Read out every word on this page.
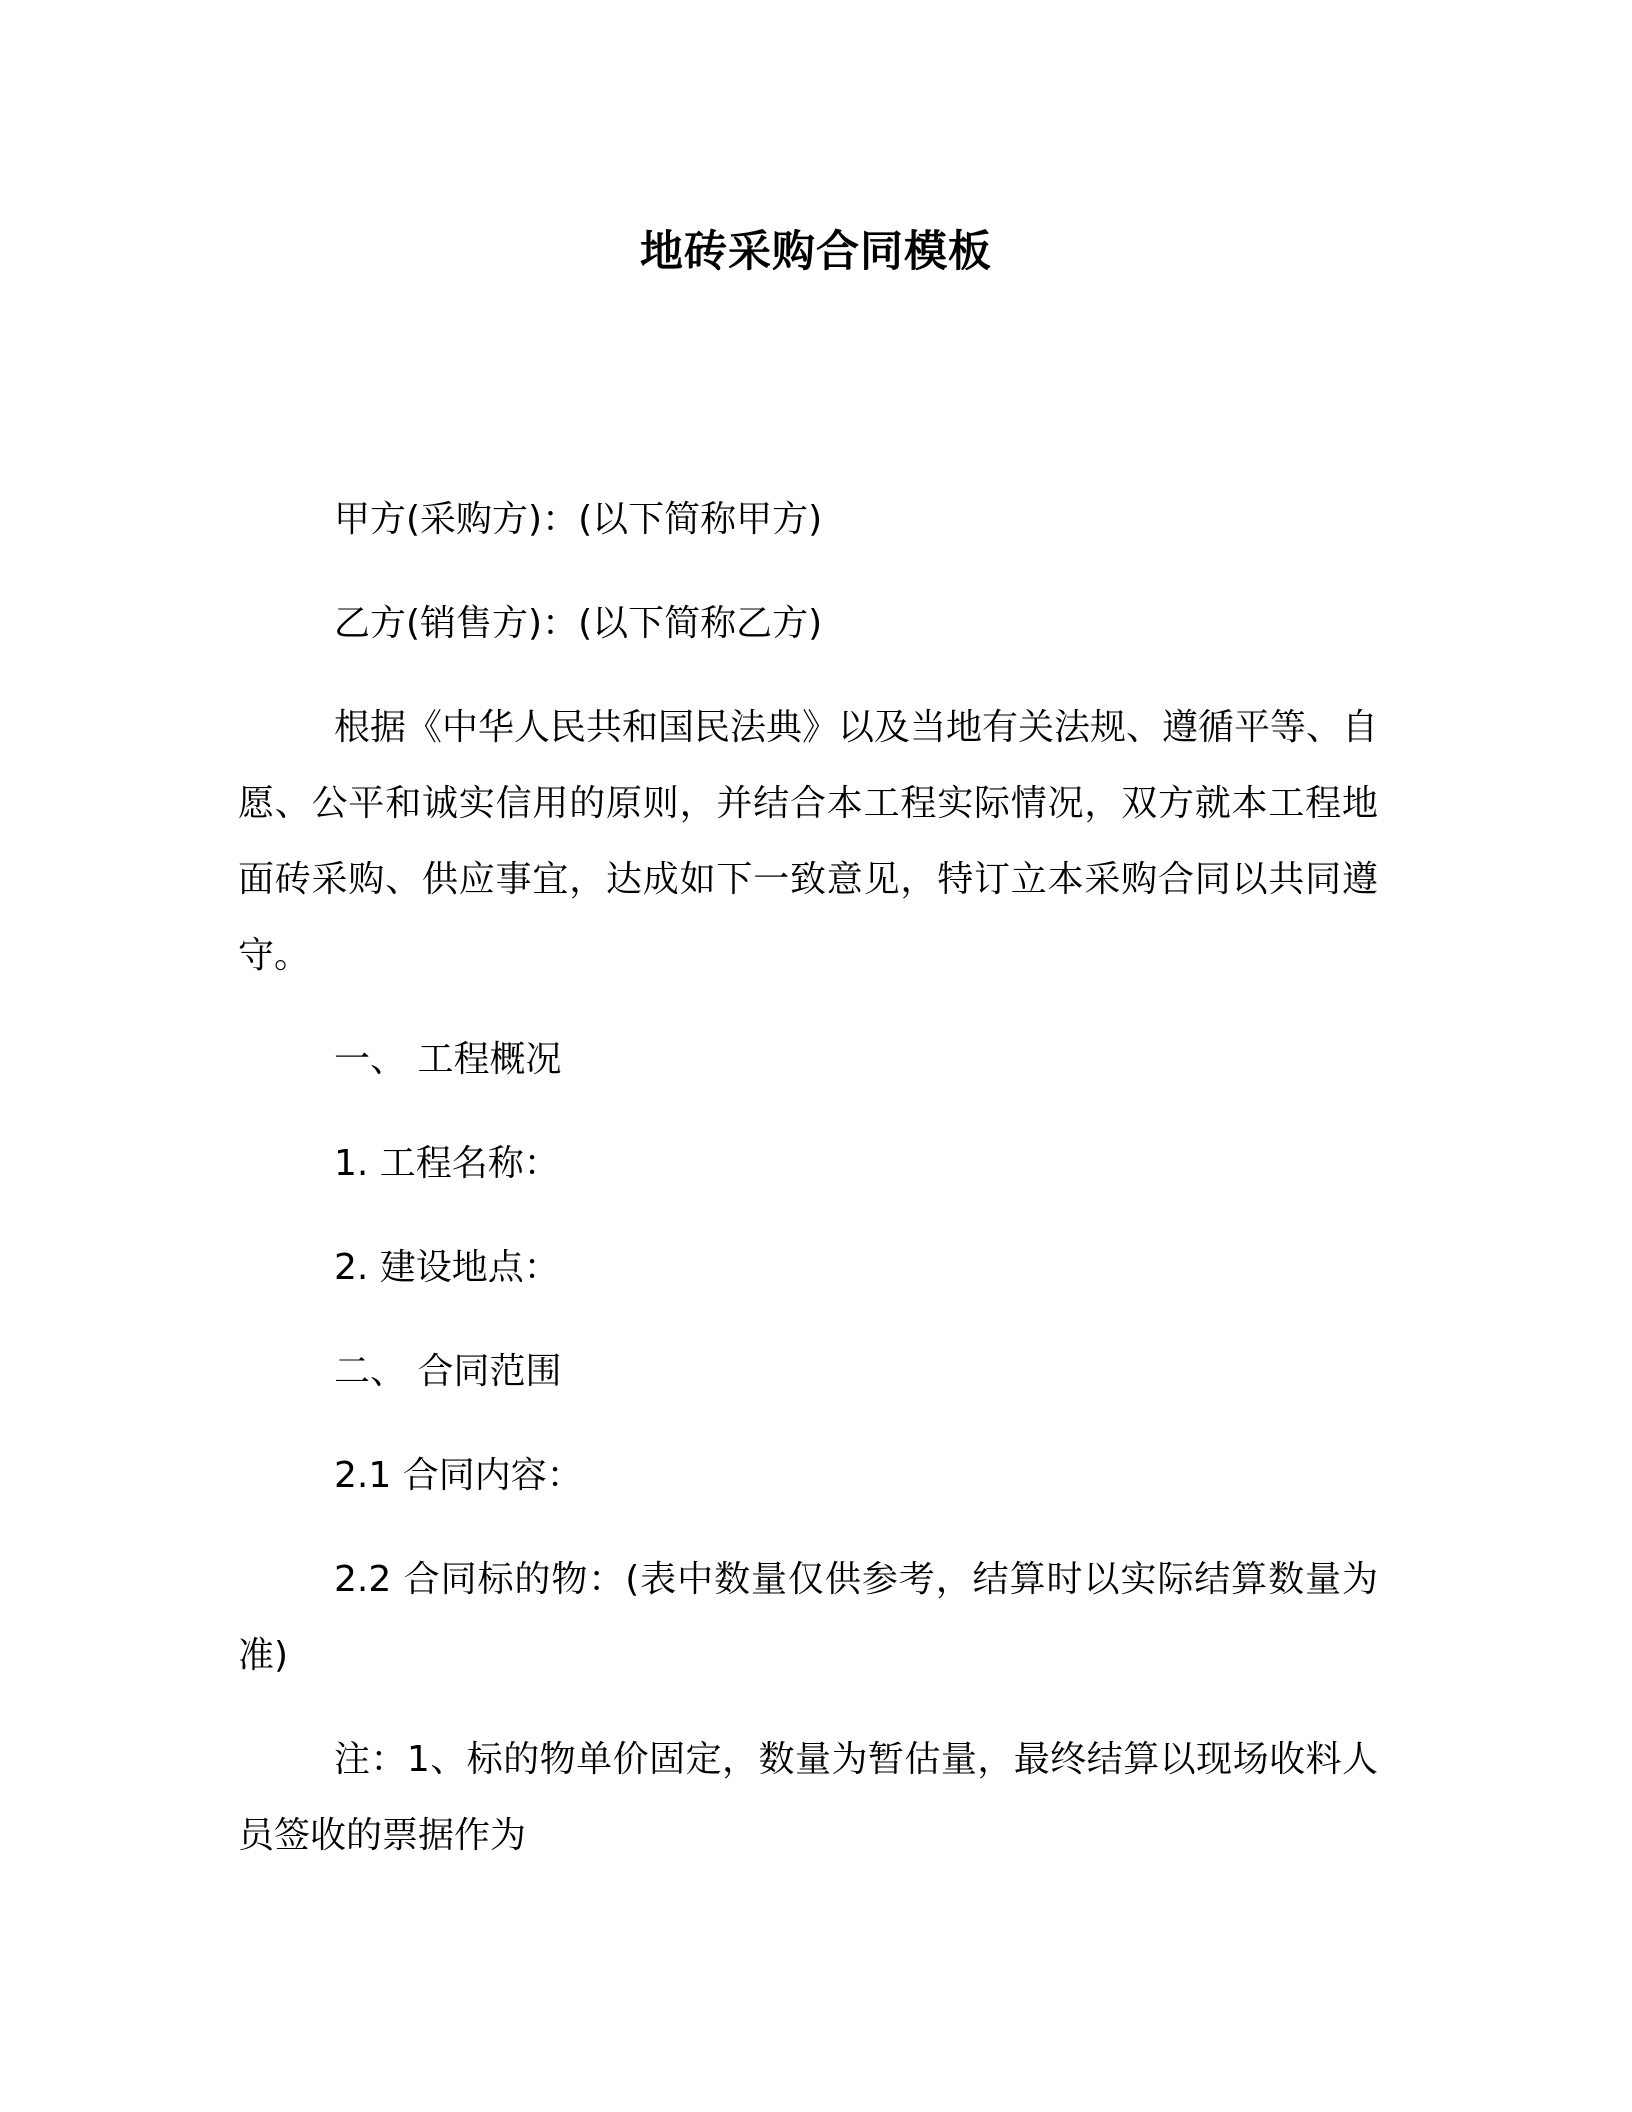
地砖采购合同模板
甲方(采购方)：(以下简称甲方)
乙方(销售方)：(以下简称乙方)
根据《中华人民共和国民法典》以及当地有关法规、遵循平等、自愿、公平和诚实信用的原则，并结合本工程实际情况，双方就本工程地面砖采购、供应事宜，达成如下一致意见，特订立本采购合同以共同遵守。
一、 工程概况
1. 工程名称：
2. 建设地点：
二、 合同范围
2.1 合同内容：
2.2 合同标的物：(表中数量仅供参考，结算时以实际结算数量为准)
注：1、标的物单价固定，数量为暂估量，最终结算以现场收料人员签收的票据作为
